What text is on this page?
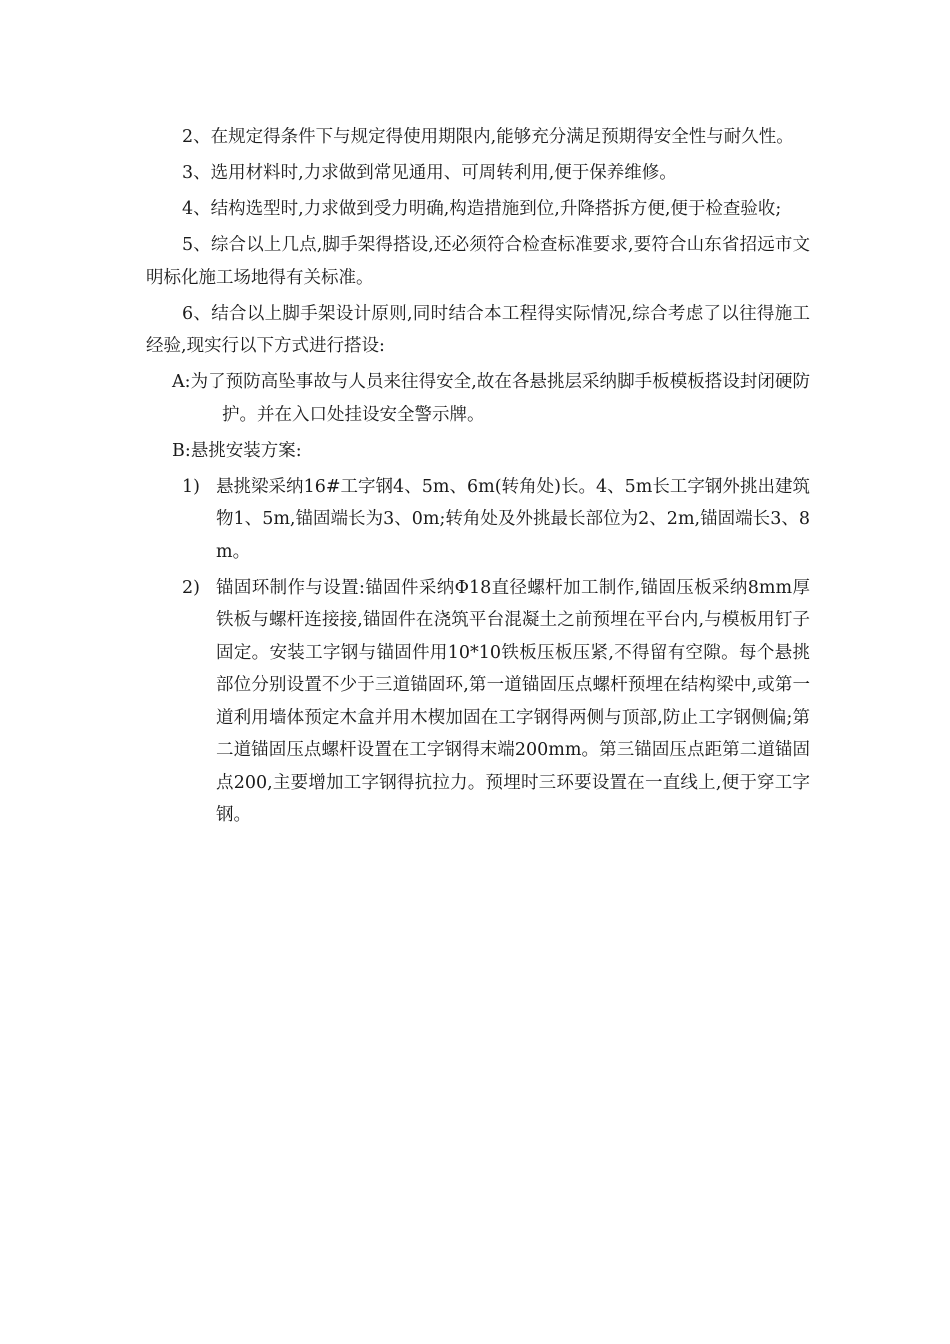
2、在规定得条件下与规定得使用期限内,能够充分满足预期得安全性与耐久性。

3、选用材料时,力求做到常见通用、可周转利用,便于保养维修。

4、结构选型时,力求做到受力明确,构造措施到位,升降搭拆方便,便于检查验收;

5、综合以上几点,脚手架得搭设,还必须符合检查标准要求,要符合山东省招远市文明标化施工场地得有关标准。

6、结合以上脚手架设计原则,同时结合本工程得实际情况,综合考虑了以往得施工经验,现实行以下方式进行搭设:

A:为了预防高坠事故与人员来往得安全,故在各悬挑层采纳脚手板模板搭设封闭硬防护。并在入口处挂设安全警示牌。

B:悬挑安装方案:

1) 悬挑梁采纳16#工字钢4、5m、6m(转角处)长。4、5m长工字钢外挑出建筑物1、5m,锚固端长为3、0m;转角处及外挑最长部位为2、2m,锚固端长3、8m。
2) 锚固环制作与设置:锚固件采纳Φ18直径螺杆加工制作,锚固压板采纳8mm厚铁板与螺杆连接接,锚固件在浇筑平台混凝土之前预埋在平台内,与模板用钉子固定。安装工字钢与锚固件用10*10铁板压板压紧,不得留有空隙。每个悬挑部位分别设置不少于三道锚固环,第一道锚固压点螺杆预埋在结构梁中,或第一道利用墙体预定木盒并用木楔加固在工字钢得两侧与顶部,防止工字钢侧偏;第二道锚固压点螺杆设置在工字钢得末端200mm。第三锚固压点距第二道锚固点200,主要增加工字钢得抗拉力。预埋时三环要设置在一直线上,便于穿工字钢。
